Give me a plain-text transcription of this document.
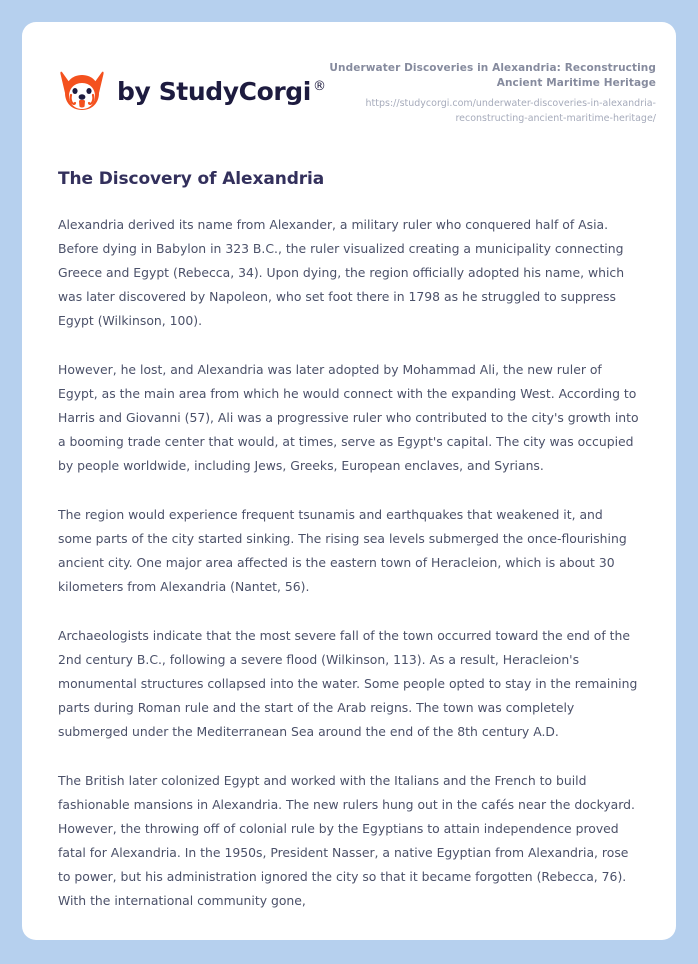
by StudyCorgi ®
Underwater Discoveries in Alexandria: Reconstructing Ancient Maritime Heritage
https://studycorgi.com/underwater-discoveries-in-alexandria-reconstructing-ancient-maritime-heritage/
The Discovery of Alexandria

Alexandria derived its name from Alexander, a military ruler who conquered half of Asia. Before dying in Babylon in 323 B.C., the ruler visualized creating a municipality connecting Greece and Egypt (Rebecca, 34). Upon dying, the region officially adopted his name, which was later discovered by Napoleon, who set foot there in 1798 as he struggled to suppress Egypt (Wilkinson, 100).

However, he lost, and Alexandria was later adopted by Mohammad Ali, the new ruler of Egypt, as the main area from which he would connect with the expanding West. According to Harris and Giovanni (57), Ali was a progressive ruler who contributed to the city's growth into a booming trade center that would, at times, serve as Egypt's capital. The city was occupied by people worldwide, including Jews, Greeks, European enclaves, and Syrians.

The region would experience frequent tsunamis and earthquakes that weakened it, and some parts of the city started sinking. The rising sea levels submerged the once-flourishing ancient city. One major area affected is the eastern town of Heracleion, which is about 30 kilometers from Alexandria (Nantet, 56).

Archaeologists indicate that the most severe fall of the town occurred toward the end of the 2nd century B.C., following a severe flood (Wilkinson, 113). As a result, Heracleion's monumental structures collapsed into the water. Some people opted to stay in the remaining parts during Roman rule and the start of the Arab reigns. The town was completely submerged under the Mediterranean Sea around the end of the 8th century A.D.

The British later colonized Egypt and worked with the Italians and the French to build fashionable mansions in Alexandria. The new rulers hung out in the cafés near the dockyard. However, the throwing off of colonial rule by the Egyptians to attain independence proved fatal for Alexandria. In the 1950s, President Nasser, a native Egyptian from Alexandria, rose to power, but his administration ignored the city so that it became forgotten (Rebecca, 76). With the international community gone,
